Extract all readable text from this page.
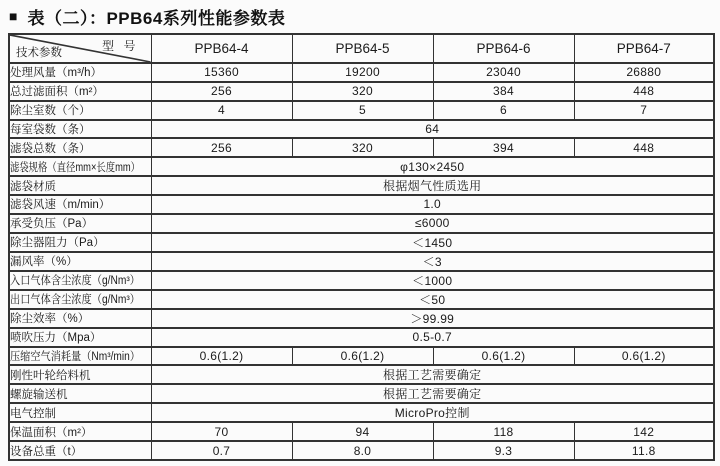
■ 表（二）：PPB64系列性能参数表
型 号
技术参数	PPB64-4	PPB64-5	PPB64-6	PPB64-7
处理风量（m³/h）	15360	19200	23040	26880
总过滤面积（m²）	256	320	384	448
除尘室数（个）	4	5	6	7
每室袋数（条）	64			
滤袋总数（条）	256	320	394	448
滤袋规格（直径mm×长度mm）	φ130×2450			
滤袋材质	根据烟气性质选用			
滤袋风速（m/min）	1.0			
承受负压（Pa）	≤6000			
除尘器阻力（Pa）	＜1450			
漏风率（%）	＜3			
入口气体含尘浓度（g/Nm³）	＜1000			
出口气体含尘浓度（g/Nm³）	＜50			
除尘效率（%）	＞99.99			
喷吹压力（Mpa）	0.5-0.7			
压缩空气消耗量（Nm³/min）	0.6(1.2)	0.6(1.2)	0.6(1.2)	0.6(1.2)
刚性叶轮给料机	根据工艺需要确定			
螺旋输送机	根据工艺需要确定			
电气控制	MicroPro控制			
保温面积（m²）	70	94	118	142
设备总重（t）	0.7	8.0	9.3	11.8
